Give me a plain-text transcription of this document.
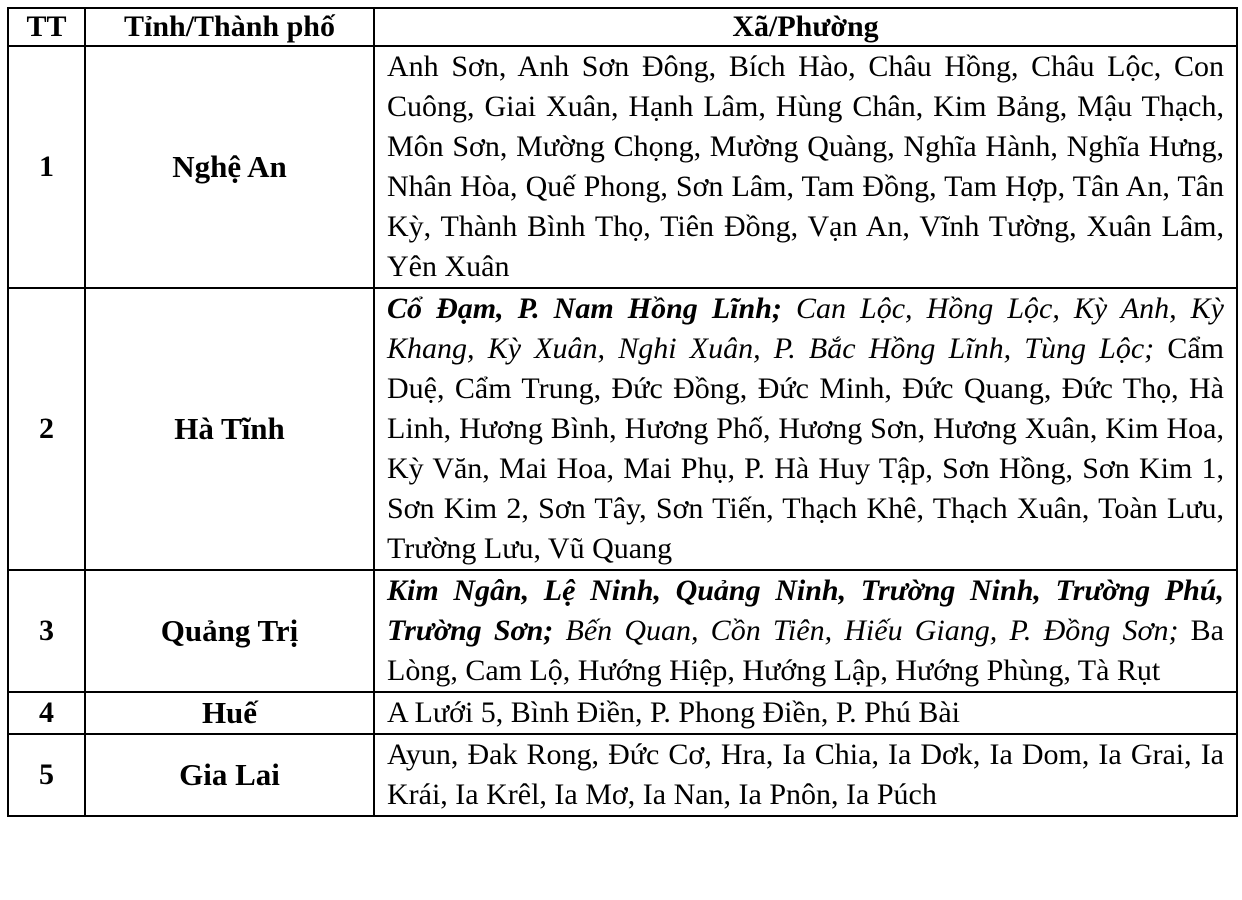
TT	Tỉnh/Thành phố	Xã/Phường
1	Nghệ An	Anh Sơn, Anh Sơn Đông, Bích Hào, Châu Hồng, Châu Lộc, Con Cuông, Giai Xuân, Hạnh Lâm, Hùng Chân, Kim Bảng, Mậu Thạch, Môn Sơn, Mường Chọng, Mường Quàng, Nghĩa Hành, Nghĩa Hưng, Nhân Hòa, Quế Phong, Sơn Lâm, Tam Đồng, Tam Hợp, Tân An, Tân Kỳ, Thành Bình Thọ, Tiên Đồng, Vạn An, Vĩnh Tường, Xuân Lâm, Yên Xuân
2	Hà Tĩnh	Cổ Đạm, P. Nam Hồng Lĩnh; Can Lộc, Hồng Lộc, Kỳ Anh, Kỳ Khang, Kỳ Xuân, Nghi Xuân, P. Bắc Hồng Lĩnh, Tùng Lộc; Cẩm Duệ, Cẩm Trung, Đức Đồng, Đức Minh, Đức Quang, Đức Thọ, Hà Linh, Hương Bình, Hương Phố, Hương Sơn, Hương Xuân, Kim Hoa, Kỳ Văn, Mai Hoa, Mai Phụ, P. Hà Huy Tập, Sơn Hồng, Sơn Kim 1, Sơn Kim 2, Sơn Tây, Sơn Tiến, Thạch Khê, Thạch Xuân, Toàn Lưu, Trường Lưu, Vũ Quang
3	Quảng Trị	Kim Ngân, Lệ Ninh, Quảng Ninh, Trường Ninh, Trường Phú, Trường Sơn; Bến Quan, Cồn Tiên, Hiếu Giang, P. Đồng Sơn; Ba Lòng, Cam Lộ, Hướng Hiệp, Hướng Lập, Hướng Phùng, Tà Rụt
4	Huế	A Lưới 5, Bình Điền, P. Phong Điền, P. Phú Bài
5	Gia Lai	Ayun, Đak Rong, Đức Cơ, Hra, Ia Chia, Ia Dơk, Ia Dom, Ia Grai, Ia Krái, Ia Krêl, Ia Mơ, Ia Nan, Ia Pnôn, Ia Púch
